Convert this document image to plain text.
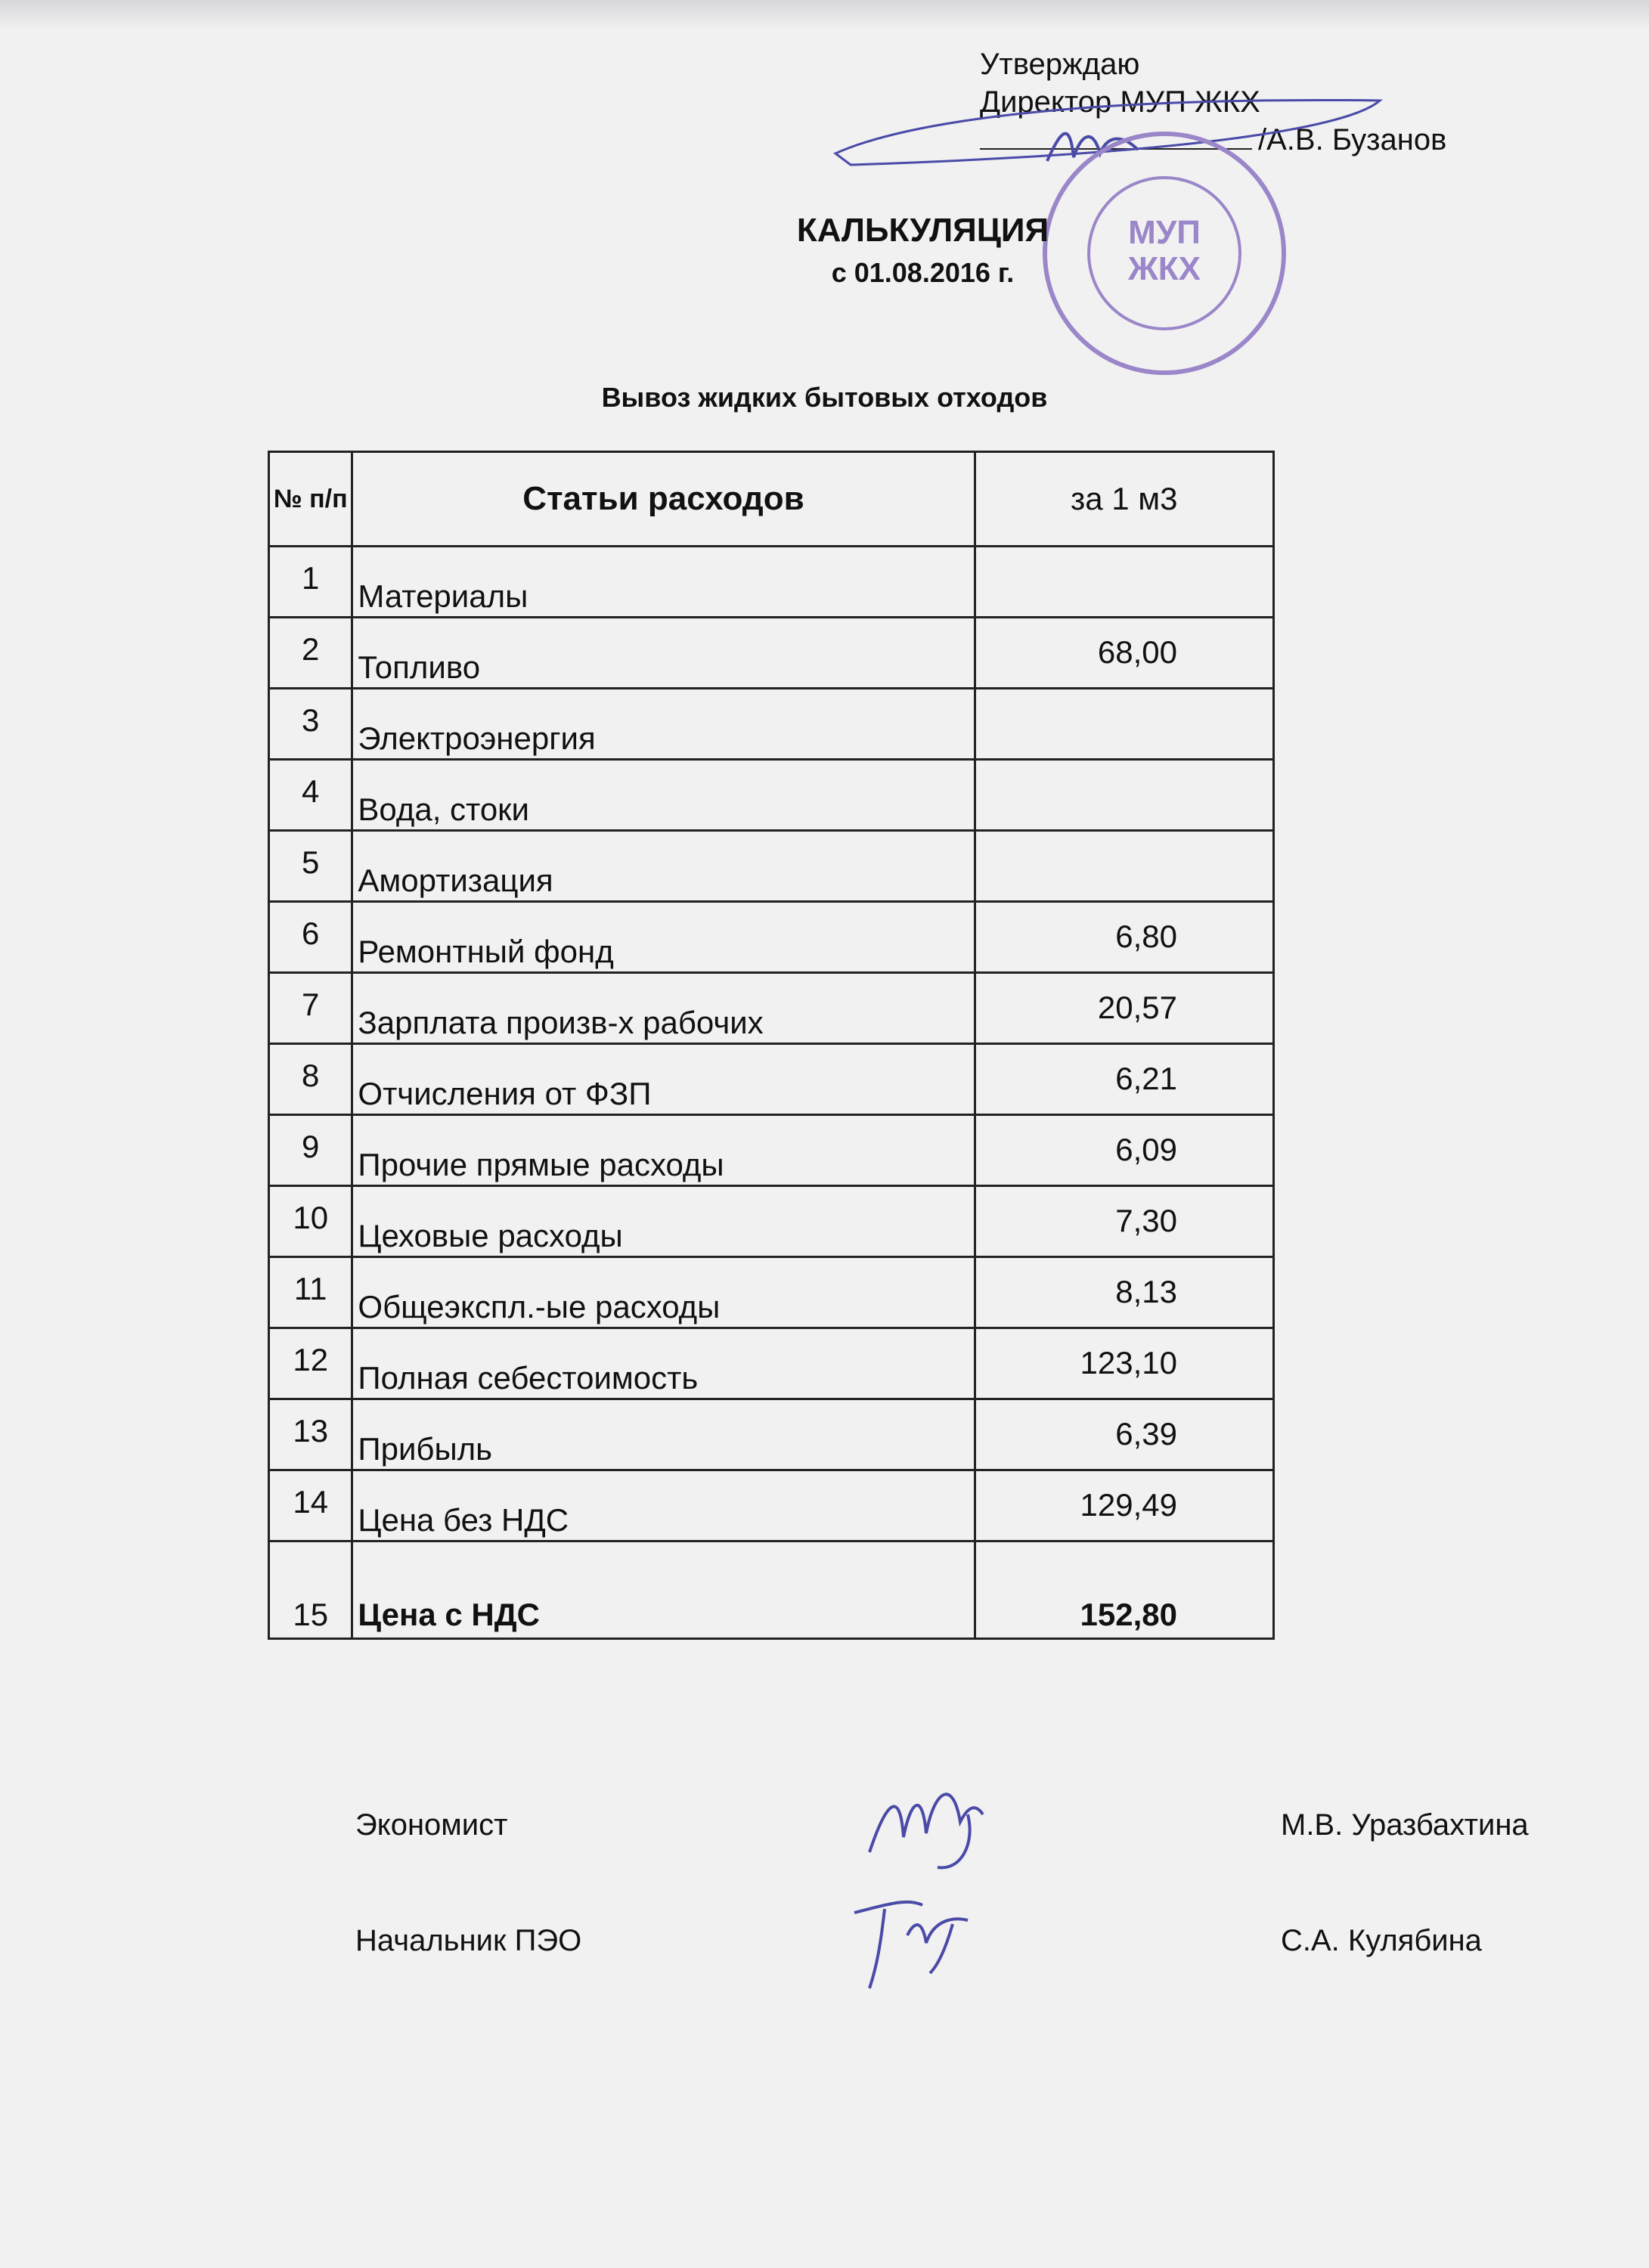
Утверждаю
Директор МУП ЖКХ
/А.В. Бузанов
МУП
ЖКХ
КАЛЬКУЛЯЦИЯ
с 01.08.2016 г.
Вывоз жидких бытовых отходов
№ п/п	Статьи расходов	за 1 м3
1	Материалы	
2	Топливо	68,00
3	Электроэнергия	
4	Вода, стоки	
5	Амортизация	
6	Ремонтный фонд	6,80
7	Зарплата произв-х рабочих	20,57
8	Отчисления от ФЗП	6,21
9	Прочие прямые расходы	6,09
10	Цеховые расходы	7,30
11	Общеэкспл.-ые расходы	8,13
12	Полная себестоимость	123,10
13	Прибыль	6,39
14	Цена без НДС	129,49
15	Цена с НДС	152,80
Экономист	М.В. Уразбахтина
Начальник ПЭО	С.А. Кулябина
